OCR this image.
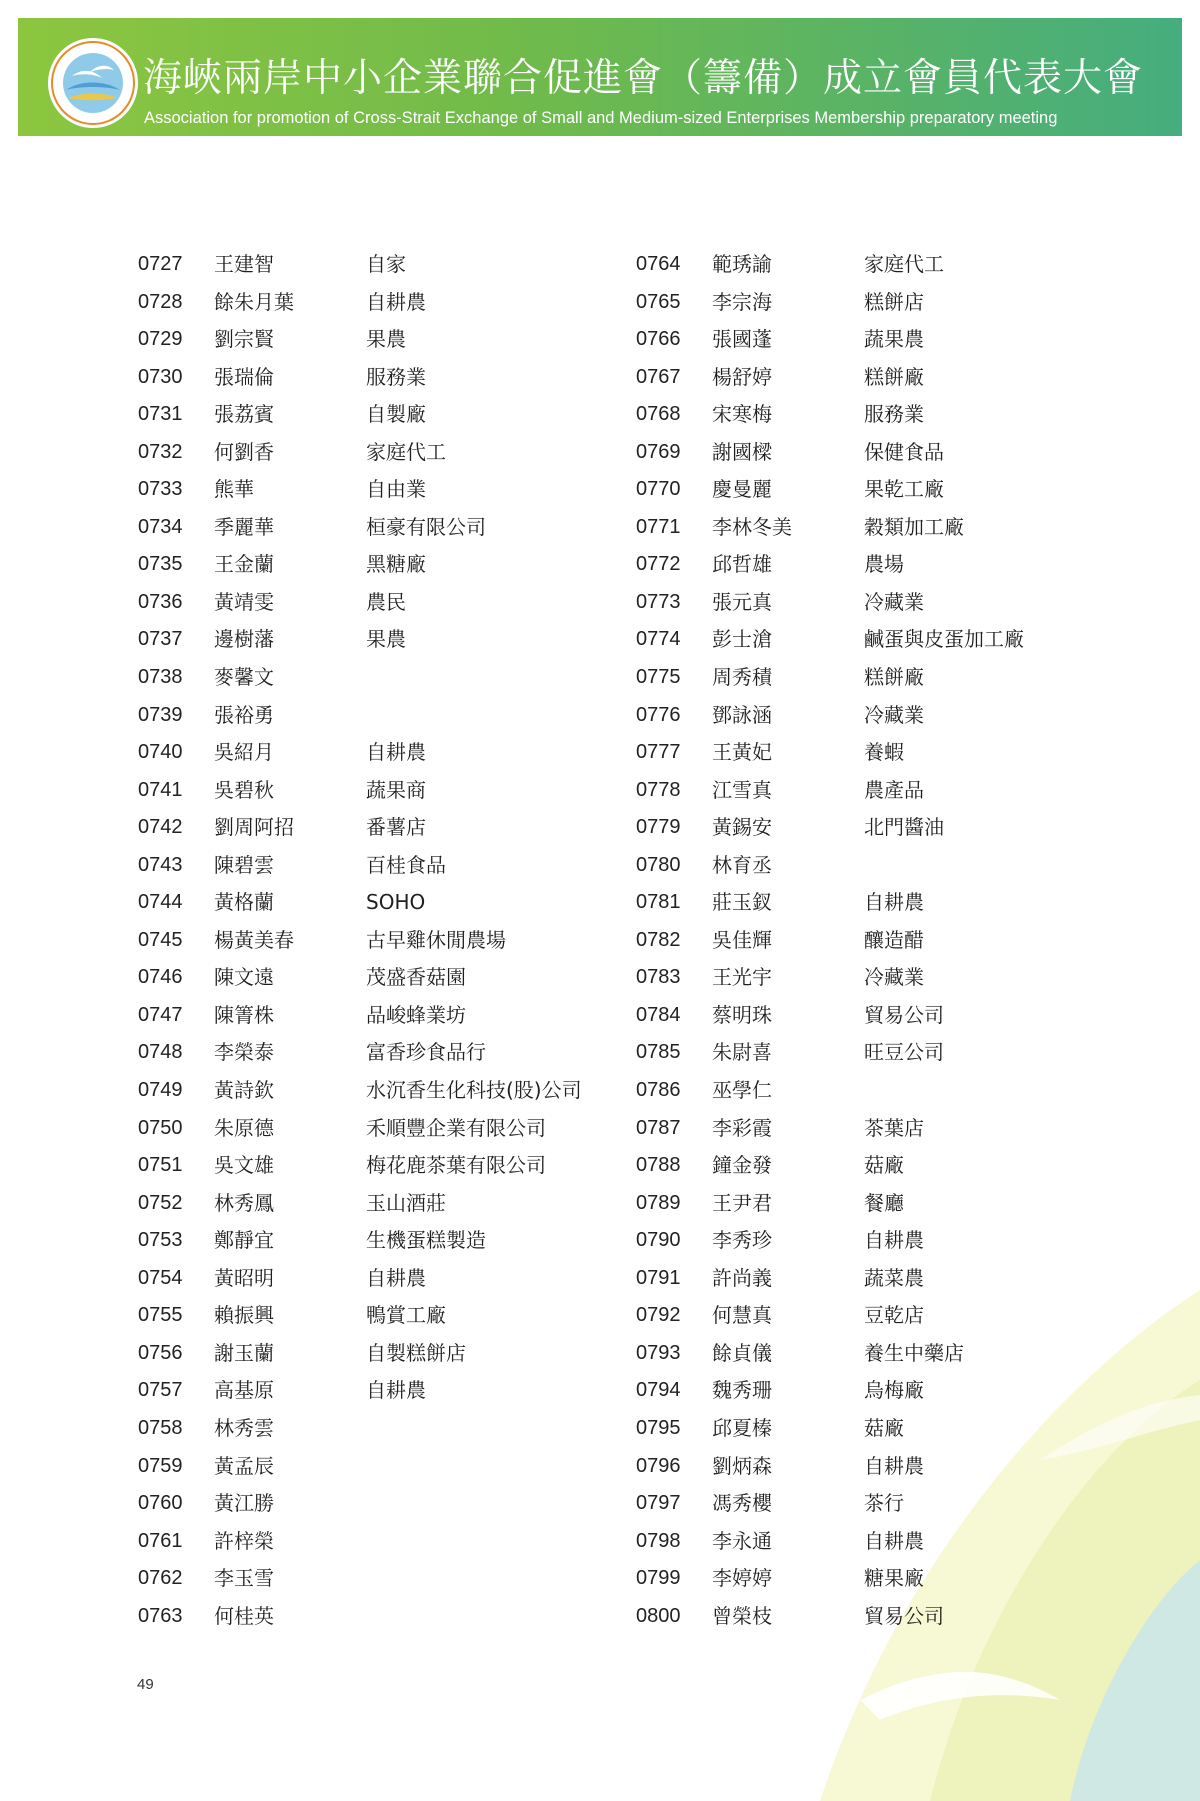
海峽兩岸中小企業聯合促進會（籌備）成立會員代表大會

Association for promotion of Cross-Strait Exchange of Small and Medium-sized Enterprises Membership preparatory meeting

0727 王建智	自家
0728 餘朱月葉	自耕農
0729 劉宗賢	果農
0730 張瑞倫	服務業
0731 張荔賓	自製廠
0732 何劉香	家庭代工
0733 熊華	自由業
0734 季麗華	桓豪有限公司
0735 王金蘭	黑糖廠
0736 黃靖雯	農民
0737 邊樹藩	果農
0738 麥馨文
0739 張裕勇
0740 吳紹月	自耕農
0741 吳碧秋	蔬果商
0742 劉周阿招	番薯店
0743 陳碧雲	百桂食品
0744 黃格蘭	SOHO
0745 楊黃美春	古早雞休閒農場
0746 陳文遠	茂盛香菇園
0747 陳箐株	品峻蜂業坊
0748 李榮泰	富香珍食品行
0749 黃詩欽	水沉香生化科技(股)公司
0750 朱原德	禾順豐企業有限公司
0751 吳文雄	梅花鹿茶葉有限公司
0752 林秀鳳	玉山酒莊
0753 鄭靜宜	生機蛋糕製造
0754 黃昭明	自耕農
0755 賴振興	鴨賞工廠
0756 謝玉蘭	自製糕餅店
0757 高基原	自耕農
0758 林秀雲
0759 黃孟辰
0760 黃江勝
0761 許梓榮
0762 李玉雪
0763 何桂英
0764 範琇諭	家庭代工
0765 李宗海	糕餅店
0766 張國蓬	蔬果農
0767 楊舒婷	糕餅廠
0768 宋寒梅	服務業
0769 謝國樑	保健食品
0770 慶曼麗	果乾工廠
0771 李林冬美	穀類加工廠
0772 邱哲雄	農場
0773 張元真	冷藏業
0774 彭士滄	鹹蛋與皮蛋加工廠
0775 周秀積	糕餅廠
0776 鄧詠涵	冷藏業
0777 王黃妃	養蝦
0778 江雪真	農產品
0779 黃錫安	北門醬油
0780 林育丞
0781 莊玉釵	自耕農
0782 吳佳輝	釀造醋
0783 王光宇	冷藏業
0784 蔡明珠	貿易公司
0785 朱尉喜	旺豆公司
0786 巫學仁
0787 李彩霞	茶葉店
0788 鐘金發	菇廠
0789 王尹君	餐廳
0790 李秀珍	自耕農
0791 許尚義	蔬菜農
0792 何慧真	豆乾店
0793 餘貞儀	養生中藥店
0794 魏秀珊	烏梅廠
0795 邱夏榛	菇廠
0796 劉炳森	自耕農
0797 馮秀櫻	茶行
0798 李永通	自耕農
0799 李婷婷	糖果廠
0800 曾榮枝	貿易公司

49
